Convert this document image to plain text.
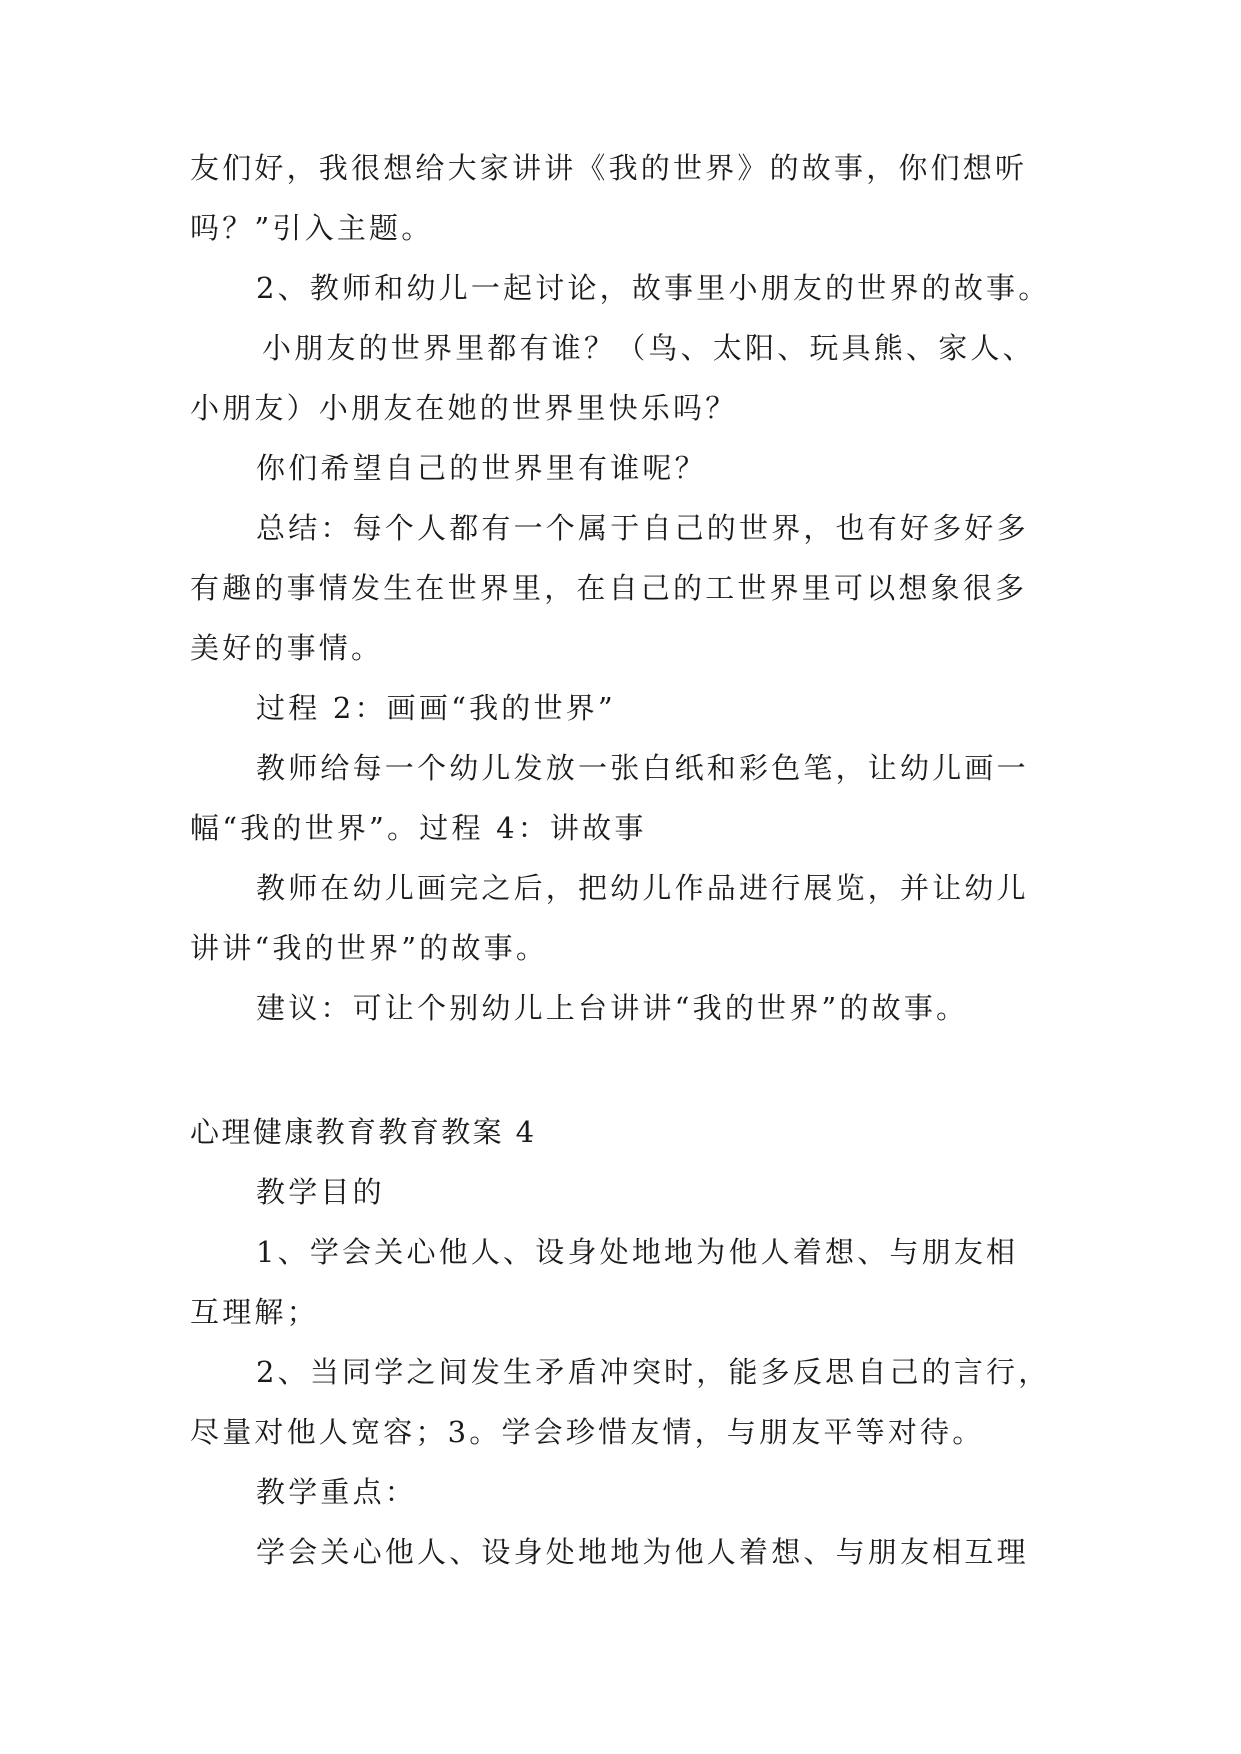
友们好，我很想给大家讲讲《我的世界》的故事，你们想听
吗？”引入主题。
2、教师和幼儿一起讨论，故事里小朋友的世界的故事。
小朋友的世界里都有谁？（鸟、太阳、玩具熊、家人、
小朋友）小朋友在她的世界里快乐吗？
你们希望自己的世界里有谁呢？
总结：每个人都有一个属于自己的世界，也有好多好多
有趣的事情发生在世界里，在自己的工世界里可以想象很多
美好的事情。
过程 2：画画“我的世界”
教师给每一个幼儿发放一张白纸和彩色笔，让幼儿画一
幅“我的世界”。过程 4：讲故事
教师在幼儿画完之后，把幼儿作品进行展览，并让幼儿
讲讲“我的世界”的故事。
建议：可让个别幼儿上台讲讲“我的世界”的故事。
心理健康教育教育教案 4
教学目的
1、学会关心他人、设身处地地为他人着想、与朋友相
互理解；
2、当同学之间发生矛盾冲突时，能多反思自己的言行，
尽量对他人宽容；3。学会珍惜友情，与朋友平等对待。
教学重点：
学会关心他人、设身处地地为他人着想、与朋友相互理
